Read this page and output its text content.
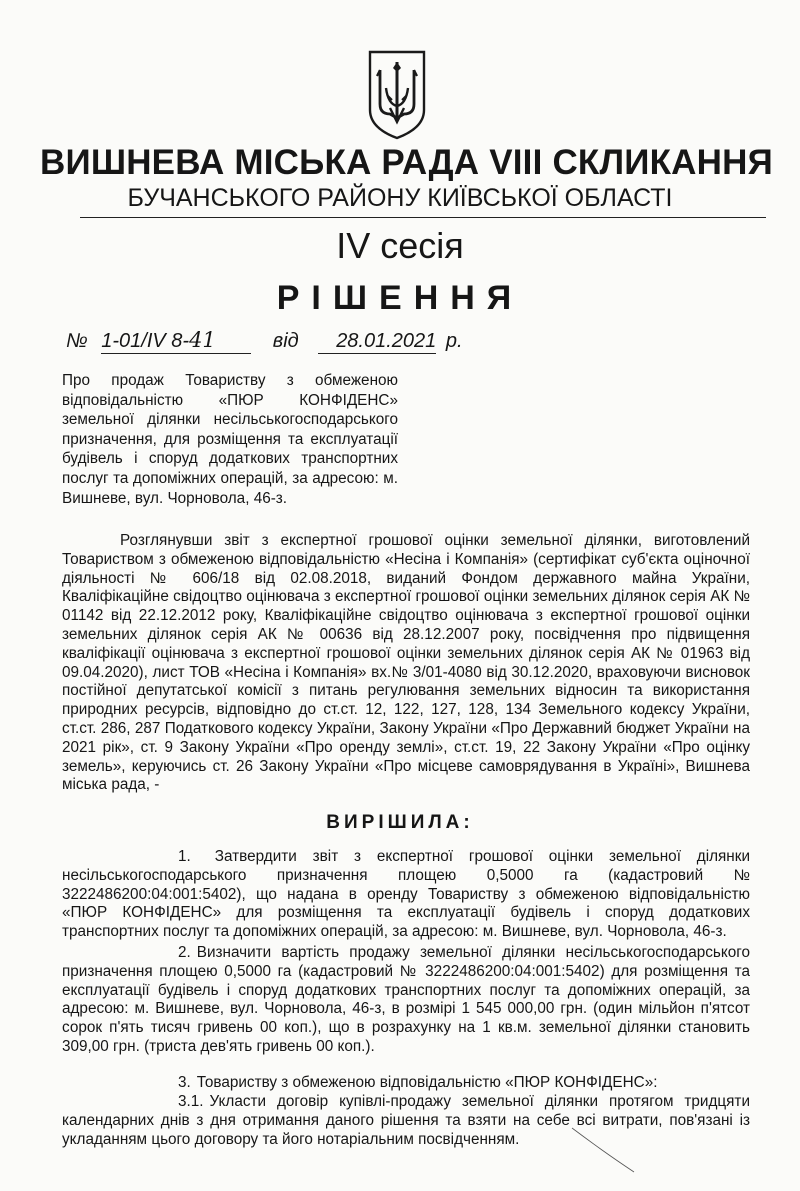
ВИШНЕВА МІСЬКА РАДА VIII СКЛИКАННЯ
БУЧАНСЬКОГО РАЙОНУ КИЇВСЬКОЇ ОБЛАСТІ
ІV сесія
РІШЕННЯ
№ 1-01/IV 8-41	від 28.01.2021 р.
Про продаж Товариству з обмеженою відповідальністю «ПЮР КОНФІДЕНС» земельної ділянки несільськогосподарського призначення, для розміщення та експлуатації будівель і споруд додаткових транспортних послуг та допоміжних операцій, за адресою: м. Вишневе, вул. Чорновола, 46-з.
Розглянувши звіт з експертної грошової оцінки земельної ділянки, виготовлений Товариством з обмеженою відповідальністю «Несіна і Компанія» (сертифікат суб'єкта оціночної діяльності № 606/18 від 02.08.2018, виданий Фондом державного майна України, Кваліфікаційне свідоцтво оцінювача з експертної грошової оцінки земельних ділянок серія АК № 01142 від 22.12.2012 року, Кваліфікаційне свідоцтво оцінювача з експертної грошової оцінки земельних ділянок серія АК № 00636 від 28.12.2007 року, посвідчення про підвищення кваліфікації оцінювача з експертної грошової оцінки земельних ділянок серія АК № 01963 від 09.04.2020), лист ТОВ «Несіна і Компанія» вх.№ 3/01-4080 від 30.12.2020, враховуючи висновок постійної депутатської комісії з питань регулювання земельних відносин та використання природних ресурсів, відповідно до ст.ст. 12, 122, 127, 128, 134 Земельного кодексу України, ст.ст. 286, 287 Податкового кодексу України, Закону України «Про Державний бюджет України на 2021 рік», ст. 9 Закону України «Про оренду землі», ст.ст. 19, 22 Закону України «Про оцінку земель», керуючись ст. 26 Закону України «Про місцеве самоврядування в Україні», Вишнева міська рада, -
ВИРІШИЛА:
1. Затвердити звіт з експертної грошової оцінки земельної ділянки несільськогосподарського призначення площею 0,5000 га (кадастровий № 3222486200:04:001:5402), що надана в оренду Товариству з обмеженою відповідальністю «ПЮР КОНФІДЕНС» для розміщення та експлуатації будівель і споруд додаткових транспортних послуг та допоміжних операцій, за адресою: м. Вишневе, вул. Чорновола, 46-з.
2. Визначити вартість продажу земельної ділянки несільськогосподарського призначення площею 0,5000 га (кадастровий № 3222486200:04:001:5402) для розміщення та експлуатації будівель і споруд додаткових транспортних послуг та допоміжних операцій, за адресою: м. Вишневе, вул. Чорновола, 46-з, в розмірі 1 545 000,00 грн. (один мільйон п'ятсот сорок п'ять тисяч гривень 00 коп.), що в розрахунку на 1 кв.м. земельної ділянки становить 309,00 грн. (триста дев'ять гривень 00 коп.).
3. Товариству з обмеженою відповідальністю «ПЮР КОНФІДЕНС»:
3.1. Укласти договір купівлі-продажу земельної ділянки протягом тридцяти календарних днів з дня отримання даного рішення та взяти на себе всі витрати, пов'язані із укладанням цього договору та його нотаріальним посвідченням.
